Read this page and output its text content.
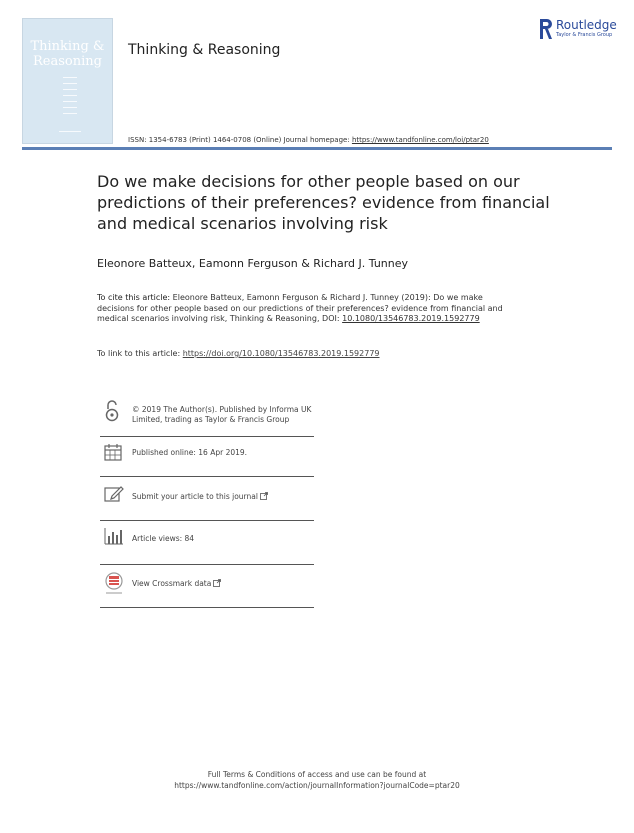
Thinking &
Reasoning
Thinking & Reasoning
Routledge
Taylor & Francis Group
ISSN: 1354-6783 (Print) 1464-0708 (Online) Journal homepage: https://www.tandfonline.com/loi/ptar20
Do we make decisions for other people based on our predictions of their preferences? evidence from financial and medical scenarios involving risk
Eleonore Batteux, Eamonn Ferguson & Richard J. Tunney
To cite this article: Eleonore Batteux, Eamonn Ferguson & Richard J. Tunney (2019): Do we make decisions for other people based on our predictions of their preferences? evidence from financial and medical scenarios involving risk, Thinking & Reasoning, DOI: 10.1080/13546783.2019.1592779
To link to this article: https://doi.org/10.1080/13546783.2019.1592779
© 2019 The Author(s). Published by Informa UK Limited, trading as Taylor & Francis Group
Published online: 16 Apr 2019.
Submit your article to this journal
Article views: 84
View Crossmark data
Full Terms & Conditions of access and use can be found at
https://www.tandfonline.com/action/journalInformation?journalCode=ptar20
